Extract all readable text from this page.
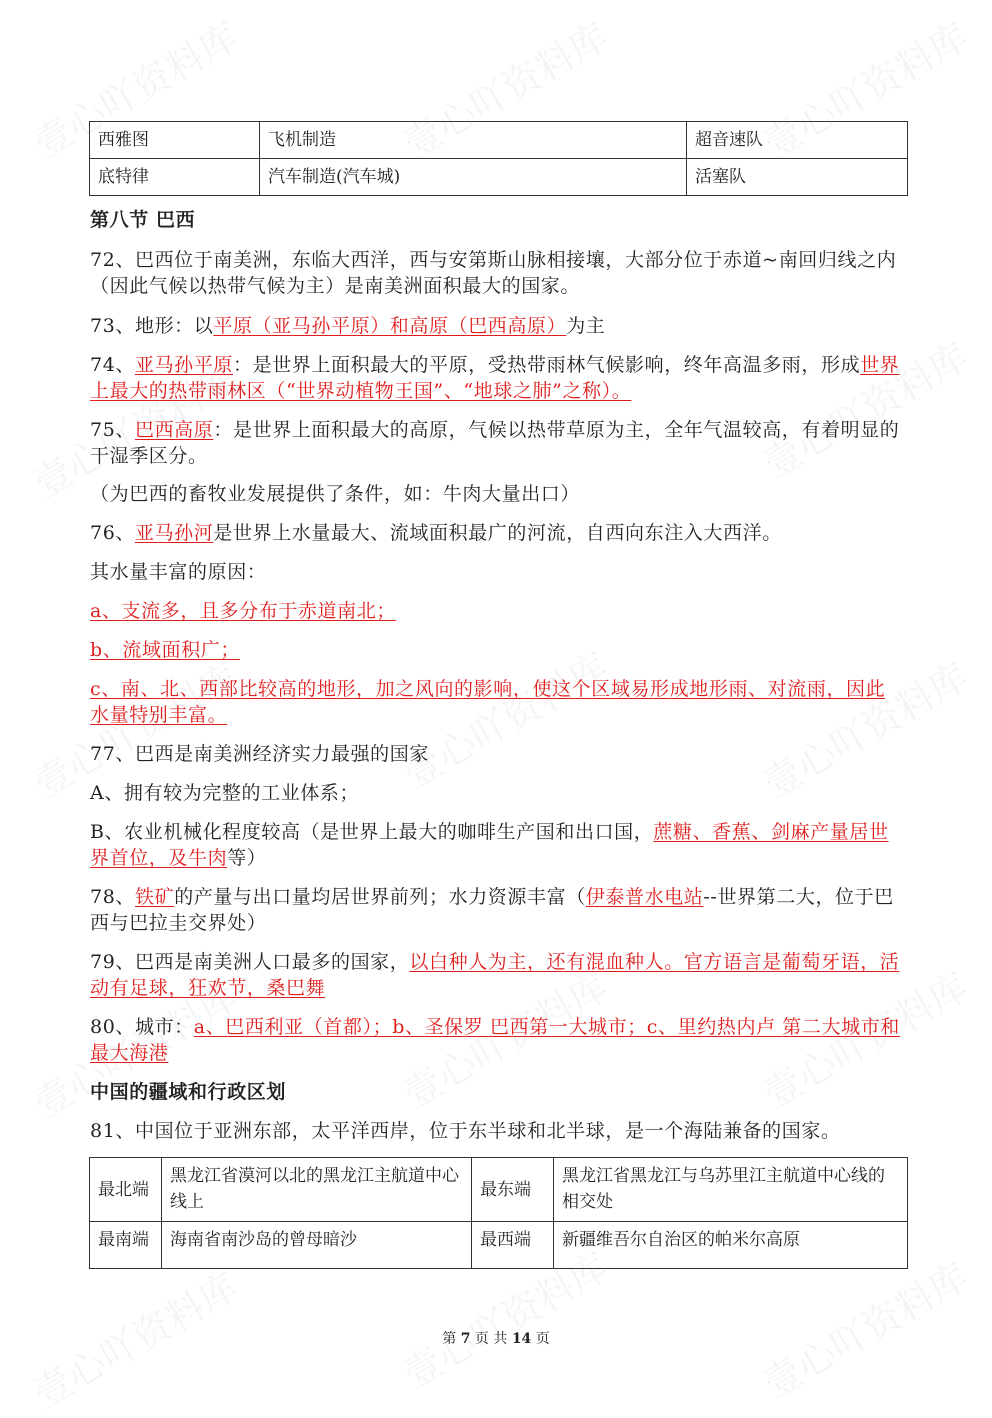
西雅图	飞机制造	超音速队
底特律	汽车制造(汽车城)	活塞队
第八节 巴西
72、巴西位于南美洲，东临大西洋，西与安第斯山脉相接壤，大部分位于赤道~南回归线之内（因此气候以热带气候为主）是南美洲面积最大的国家。
73、地形：以平原（亚马孙平原）和高原（巴西高原）为主
74、亚马孙平原：是世界上面积最大的平原，受热带雨林气候影响，终年高温多雨，形成世界上最大的热带雨林区（“世界动植物王国”、“地球之肺”之称）。
75、巴西高原：是世界上面积最大的高原，气候以热带草原为主，全年气温较高，有着明显的干湿季区分。
（为巴西的畜牧业发展提供了条件，如：牛肉大量出口）
76、亚马孙河是世界上水量最大、流域面积最广的河流，自西向东注入大西洋。
其水量丰富的原因：
a、支流多，且多分布于赤道南北；
b、流域面积广；
c、南、北、西部比较高的地形，加之风向的影响，使这个区域易形成地形雨、对流雨，因此水量特别丰富。
77、巴西是南美洲经济实力最强的国家
A、拥有较为完整的工业体系；
B、农业机械化程度较高（是世界上最大的咖啡生产国和出口国，蔗糖、香蕉、剑麻产量居世界首位，及牛肉等）
78、铁矿的产量与出口量均居世界前列；水力资源丰富（伊泰普水电站--世界第二大，位于巴西与巴拉圭交界处）
79、巴西是南美洲人口最多的国家，以白种人为主，还有混血种人。官方语言是葡萄牙语，活动有足球，狂欢节，桑巴舞
80、城市：a、巴西利亚（首都）；b、圣保罗 巴西第一大城市；c、里约热内卢 第二大城市和最大海港
中国的疆域和行政区划
81、中国位于亚洲东部，太平洋西岸，位于东半球和北半球，是一个海陆兼备的国家。
最北端	黑龙江省漠河以北的黑龙江主航道中心线上	最东端	黑龙江省黑龙江与乌苏里江主航道中心线的相交处
最南端	海南省南沙岛的曾母暗沙	最西端	新疆维吾尔自治区的帕米尔高原
第 7 页 共 14 页
